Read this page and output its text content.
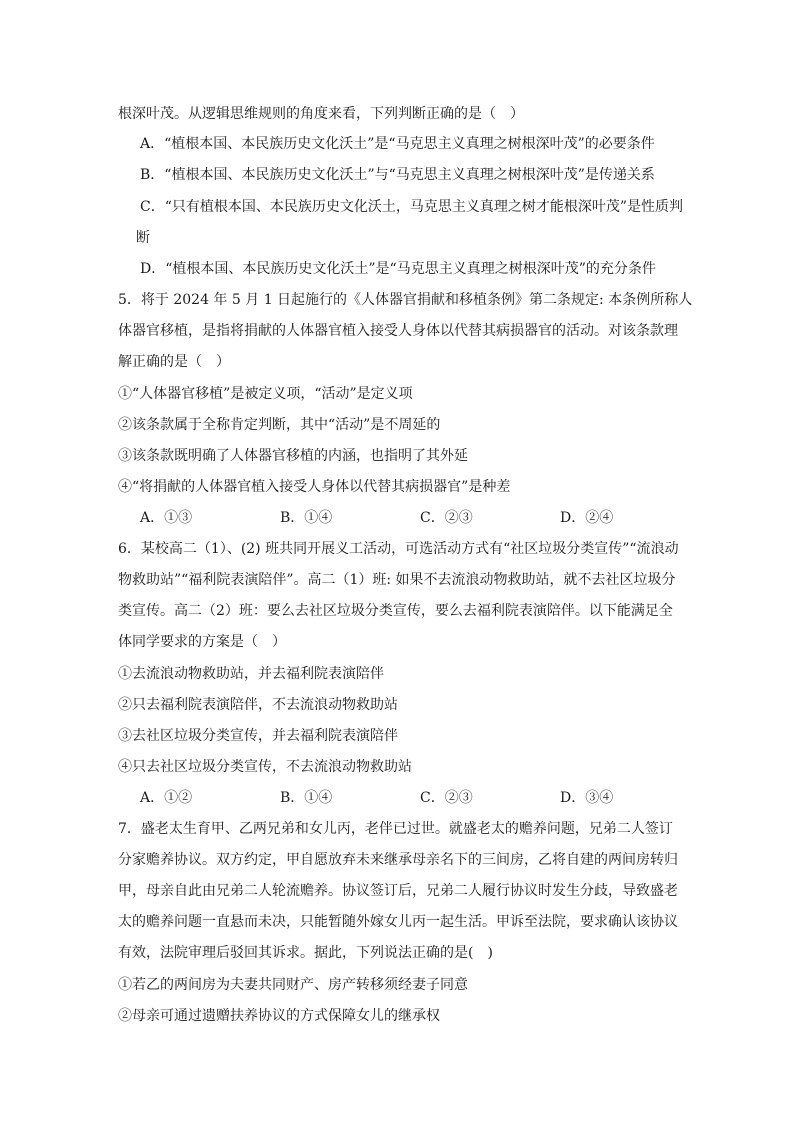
根深叶茂。从逻辑思维规则的角度来看，下列判断正确的是（　）
A．“植根本国、本民族历史文化沃土”是“马克思主义真理之树根深叶茂”的必要条件
B．“植根本国、本民族历史文化沃土”与“马克思主义真理之树根深叶茂”是传递关系
C．“只有植根本国、本民族历史文化沃土，马克思主义真理之树才能根深叶茂”是性质判
断
D．“植根本国、本民族历史文化沃土”是“马克思主义真理之树根深叶茂”的充分条件
5．将于 2024 年 5 月 1 日起施行的《人体器官捐献和移植条例》第二条规定: 本条例所称人
体器官移植，是指将捐献的人体器官植入接受人身体以代替其病损器官的活动。对该条款理
解正确的是（　）
①“人体器官移植”是被定义项，“活动”是定义项
②该条款属于全称肯定判断，其中“活动”是不周延的
③该条款既明确了人体器官移植的内涵，也指明了其外延
④“将捐献的人体器官植入接受人身体以代替其病损器官”是种差
A．①③	B．①④	C．②③	D．②④
6．某校高二（1）、(2) 班共同开展义工活动，可选活动方式有“社区垃圾分类宣传”“流浪动
物救助站”“福利院表演陪伴”。高二（1）班: 如果不去流浪动物救助站，就不去社区垃圾分
类宣传。高二（2）班：要么去社区垃圾分类宣传，要么去福利院表演陪伴。以下能满足全
体同学要求的方案是（　）
①去流浪动物救助站，并去福利院表演陪伴
②只去福利院表演陪伴，不去流浪动物救助站
③去社区垃圾分类宣传，并去福利院表演陪伴
④只去社区垃圾分类宣传，不去流浪动物救助站
A．①②	B．①④	C．②③	D．③④
7．盛老太生育甲、乙两兄弟和女儿丙，老伴已过世。就盛老太的赡养问题，兄弟二人签订
分家赡养协议。双方约定，甲自愿放弃未来继承母亲名下的三间房，乙将自建的两间房转归
甲，母亲自此由兄弟二人轮流赡养。协议签订后，兄弟二人履行协议时发生分歧，导致盛老
太的赡养问题一直悬而未决，只能暂随外嫁女儿丙一起生活。甲诉至法院，要求确认该协议
有效，法院审理后驳回其诉求。据此，下列说法正确的是(　)
①若乙的两间房为夫妻共同财产、房产转移须经妻子同意
②母亲可通过遗赠扶养协议的方式保障女儿的继承权
